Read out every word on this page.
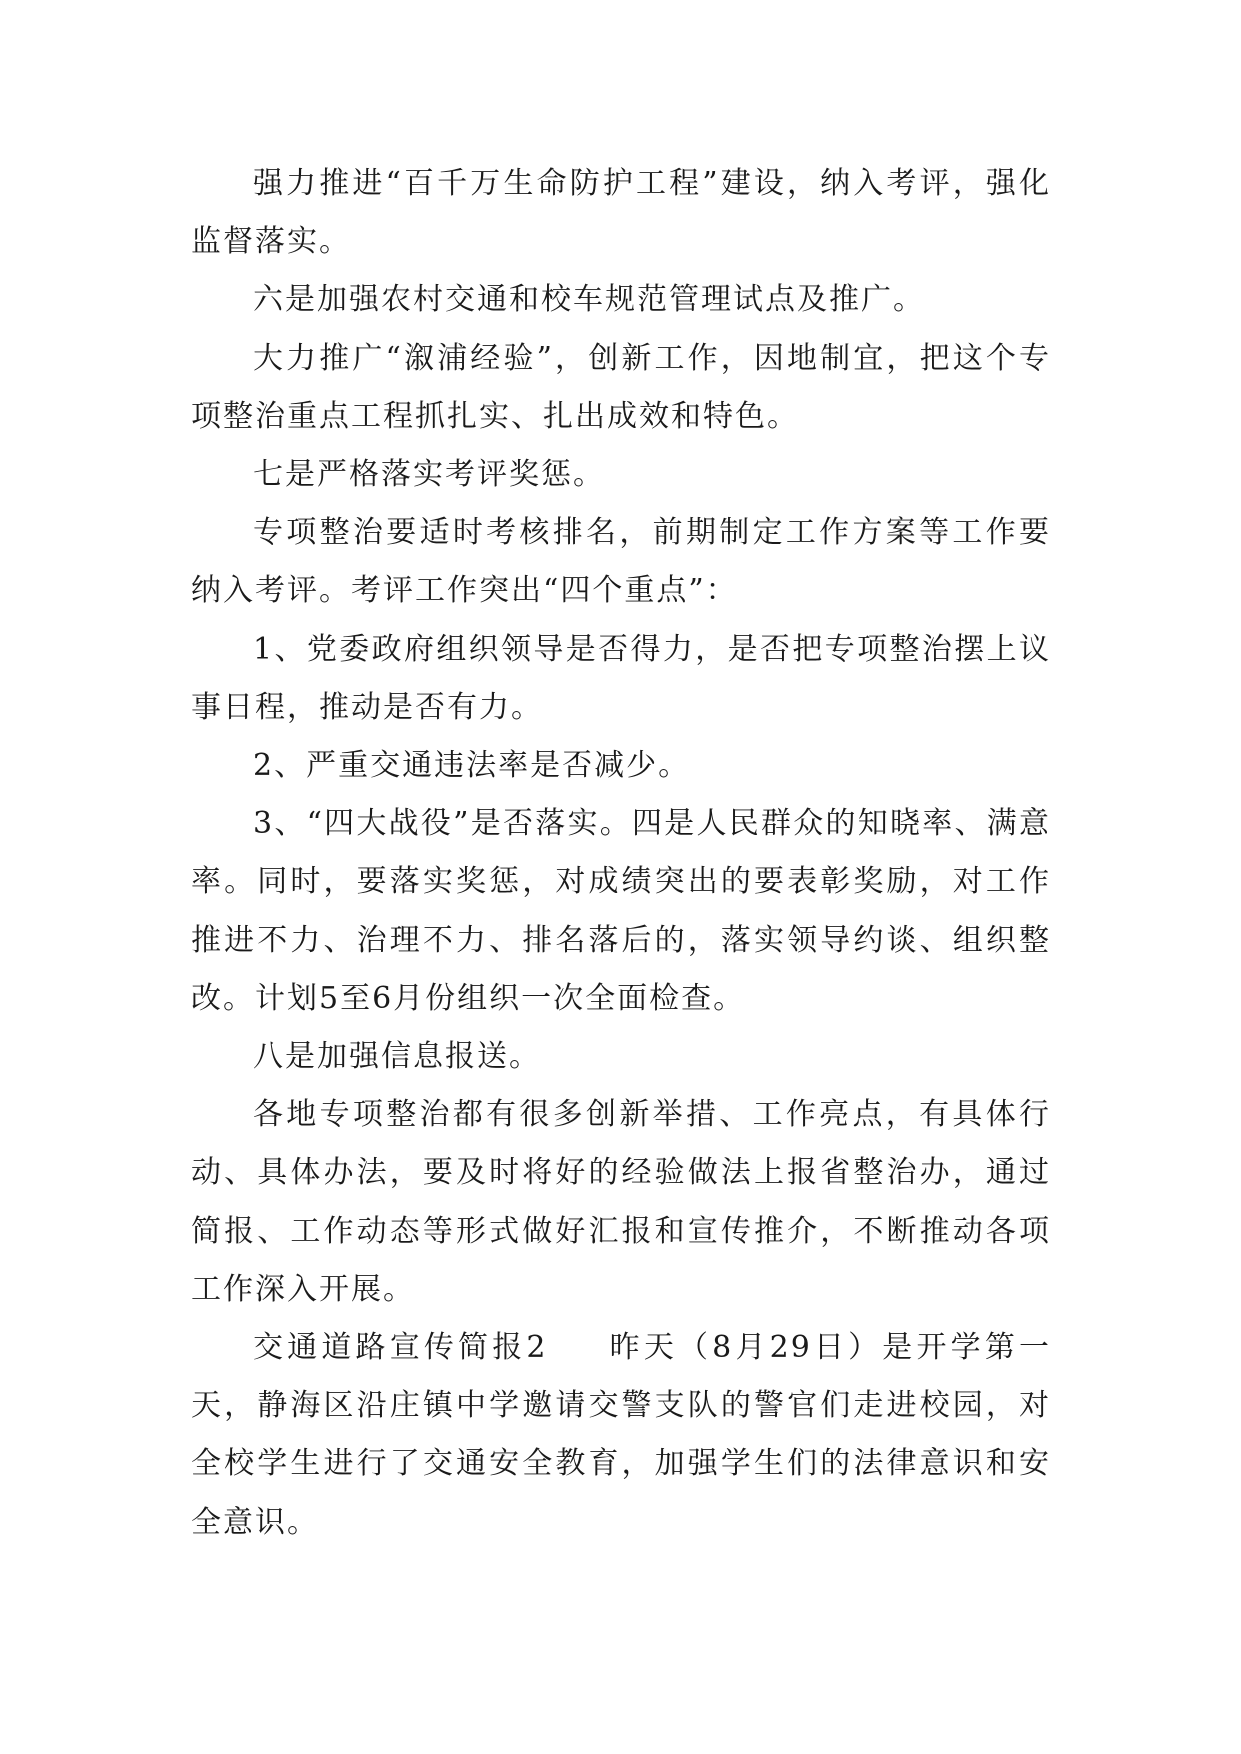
强力推进“百千万生命防护工程”建设，纳入考评，强化监督落实。

六是加强农村交通和校车规范管理试点及推广。

大力推广“溆浦经验”，创新工作，因地制宜，把这个专项整治重点工程抓扎实、扎出成效和特色。

七是严格落实考评奖惩。

专项整治要适时考核排名，前期制定工作方案等工作要纳入考评。考评工作突出“四个重点”：

1、党委政府组织领导是否得力，是否把专项整治摆上议事日程，推动是否有力。

2、严重交通违法率是否减少。

3、“四大战役”是否落实。四是人民群众的知晓率、满意率。同时，要落实奖惩，对成绩突出的要表彰奖励，对工作推进不力、治理不力、排名落后的，落实领导约谈、组织整改。计划5至6月份组织一次全面检查。

八是加强信息报送。

各地专项整治都有很多创新举措、工作亮点，有具体行动、具体办法，要及时将好的经验做法上报省整治办，通过简报、工作动态等形式做好汇报和宣传推介，不断推动各项工作深入开展。

交通道路宣传简报2 昨天（8月29日）是开学第一天，静海区沿庄镇中学邀请交警支队的警官们走进校园，对全校学生进行了交通安全教育，加强学生们的法律意识和安全意识。
